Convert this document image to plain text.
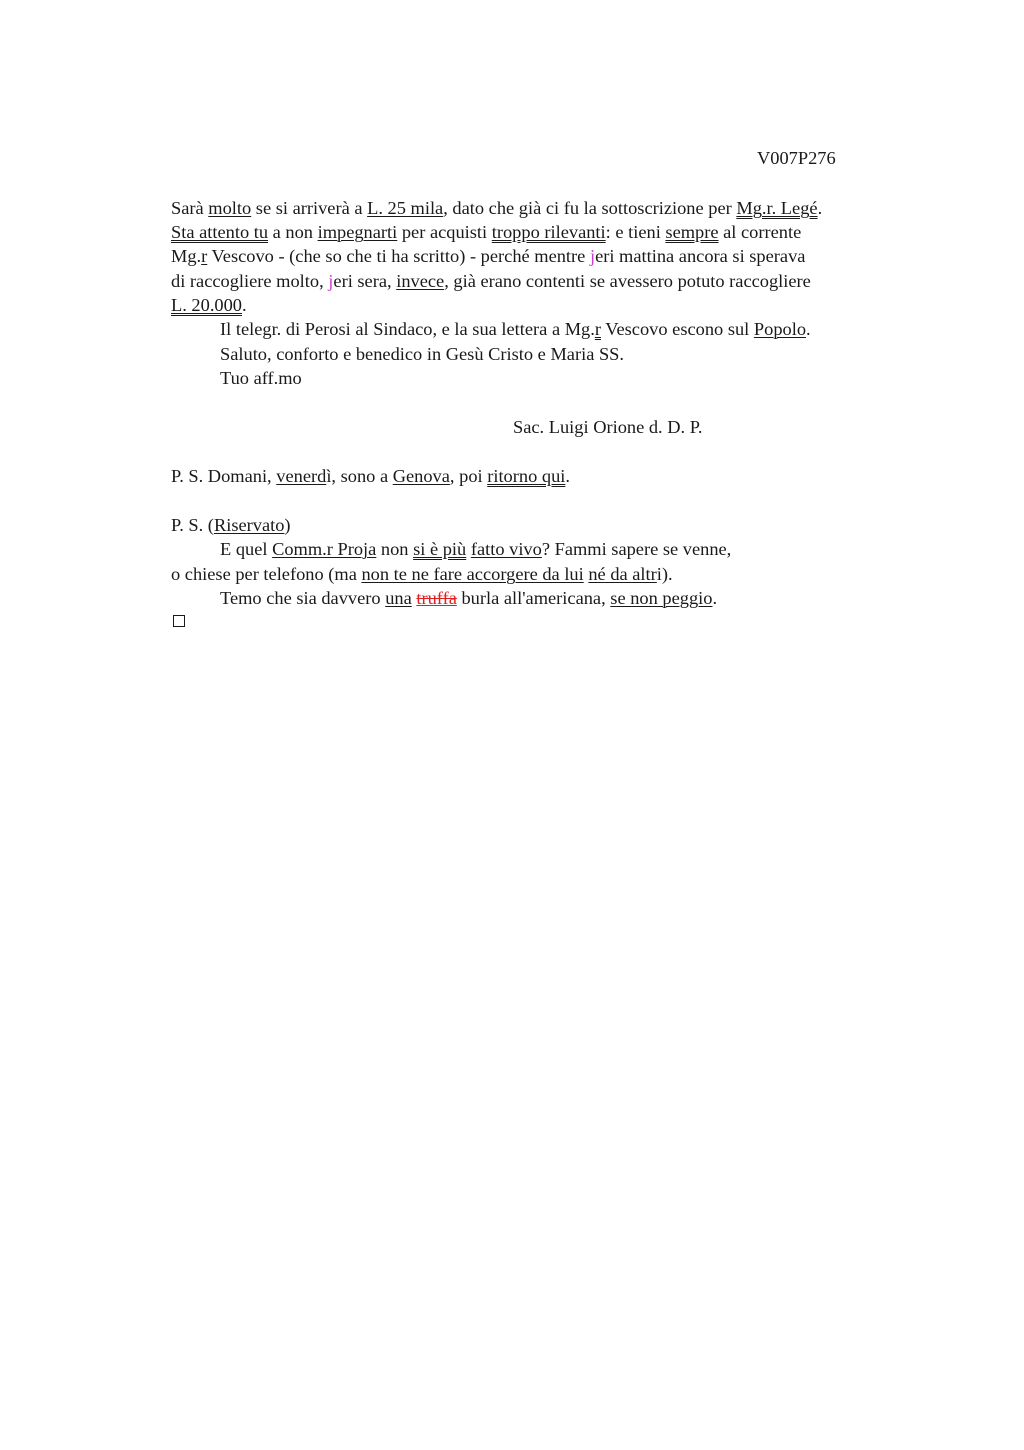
V007P276
Sarà molto se si arriverà a L. 25 mila, dato che già ci fu la sottoscrizione per Mg.r. Legé.
Sta attento tu a non impegnarti per acquisti troppo rilevanti: e tieni sempre al corrente
Mg.r Vescovo - (che so che ti ha scritto) - perché mentre jeri mattina ancora si sperava
di raccogliere molto, jeri sera, invece, già erano contenti se avessero potuto raccogliere
L. 20.000.
Il telegr. di Perosi al Sindaco, e la sua lettera a Mg.r Vescovo escono sul Popolo.
Saluto, conforto e benedico in Gesù Cristo e Maria SS.
Tuo aff.mo
Sac. Luigi Orione d. D. P.
P. S. Domani, venerdì, sono a Genova, poi ritorno qui.
P. S. (Riservato)
E quel Comm.r Proja non si è più fatto vivo? Fammi sapere se venne,
o chiese per telefono (ma non te ne fare accorgere da lui né da altri).
Temo che sia davvero una truffa burla all'americana, se non peggio.
